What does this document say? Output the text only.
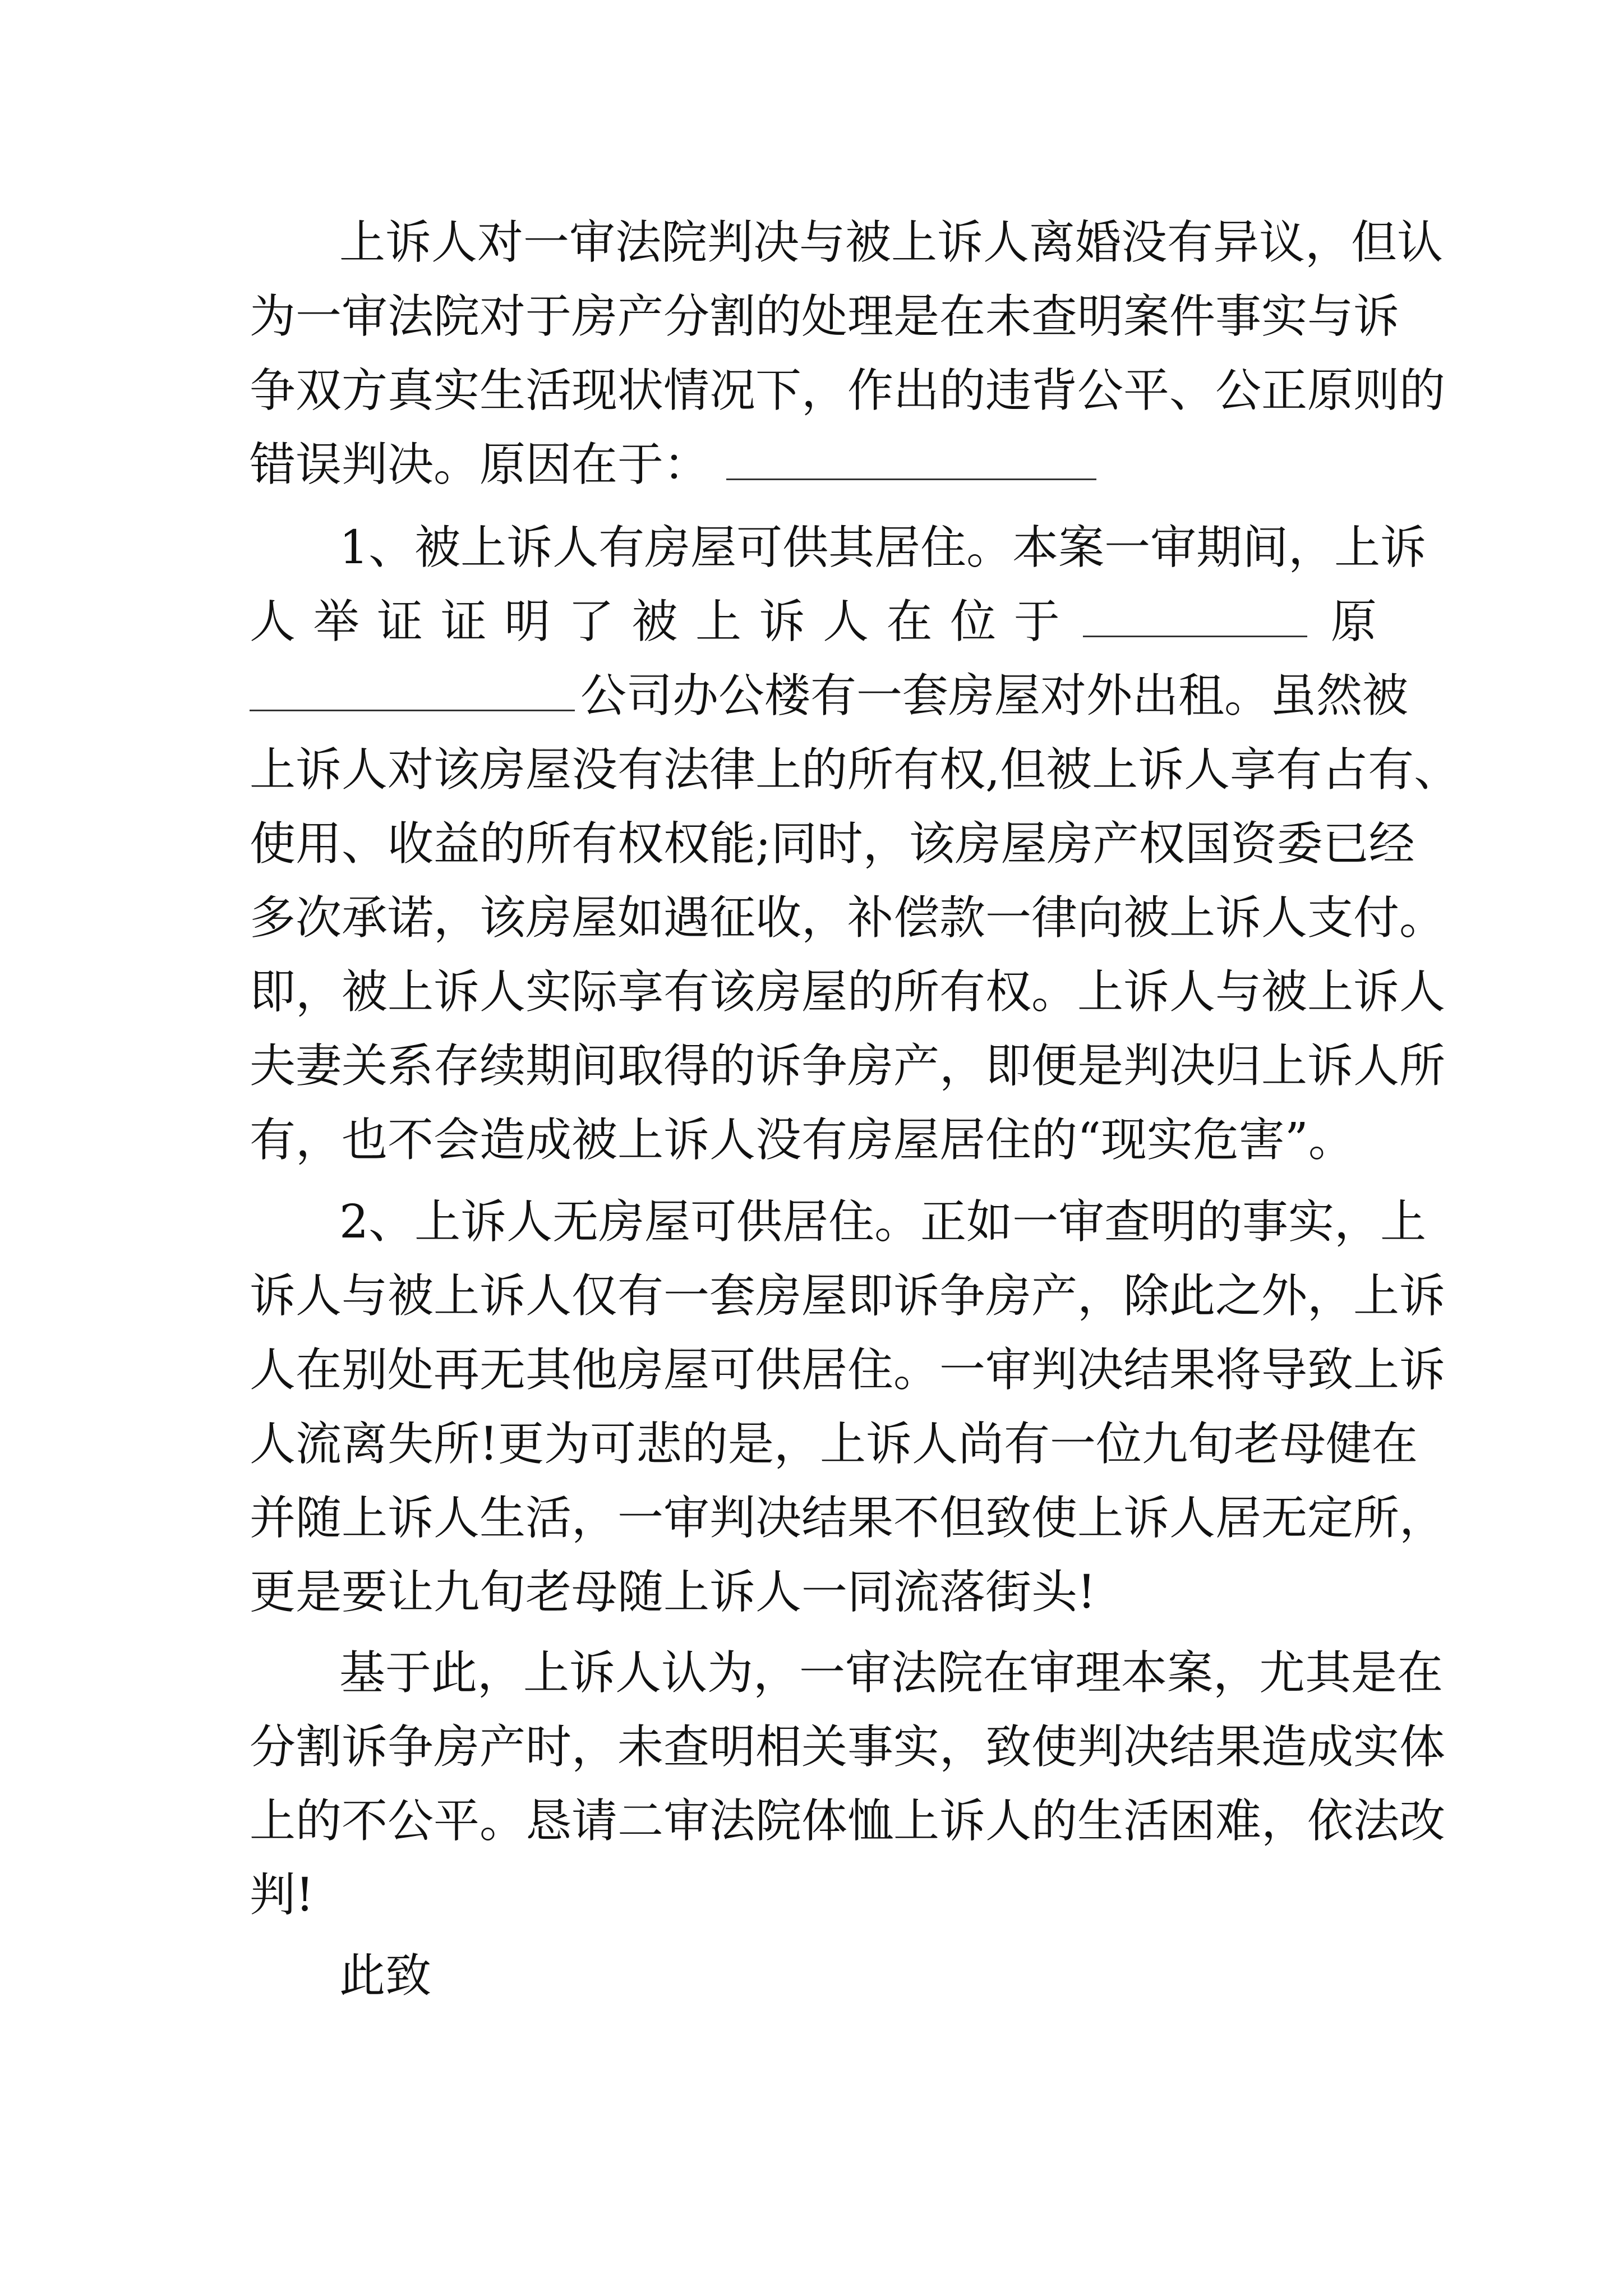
上诉人对一审法院判决与被上诉人离婚没有异议，但认
为一审法院对于房产分割的处理是在未查明案件事实与诉
争双方真实生活现状情况下，作出的违背公平、公正原则的
错误判决。原因在于：
1、被上诉人有房屋可供其居住。本案一审期间，上诉
人 举 证 证 明 了 被 上 诉 人 在 位 于	原
公司办公楼有一套房屋对外出租。虽然被
上诉人对该房屋没有法律上的所有权,但被上诉人享有占有、
使用、收益的所有权权能;同时，该房屋房产权国资委已经
多次承诺，该房屋如遇征收，补偿款一律向被上诉人支付。
即，被上诉人实际享有该房屋的所有权。上诉人与被上诉人
夫妻关系存续期间取得的诉争房产，即便是判决归上诉人所
有，也不会造成被上诉人没有房屋居住的“现实危害”。
2、上诉人无房屋可供居住。正如一审查明的事实，上
诉人与被上诉人仅有一套房屋即诉争房产，除此之外，上诉
人在别处再无其他房屋可供居住。一审判决结果将导致上诉
人流离失所!更为可悲的是，上诉人尚有一位九旬老母健在
并随上诉人生活，一审判决结果不但致使上诉人居无定所，
更是要让九旬老母随上诉人一同流落街头!
基于此，上诉人认为，一审法院在审理本案，尤其是在
分割诉争房产时，未查明相关事实，致使判决结果造成实体
上的不公平。恳请二审法院体恤上诉人的生活困难，依法改
判!
此致
